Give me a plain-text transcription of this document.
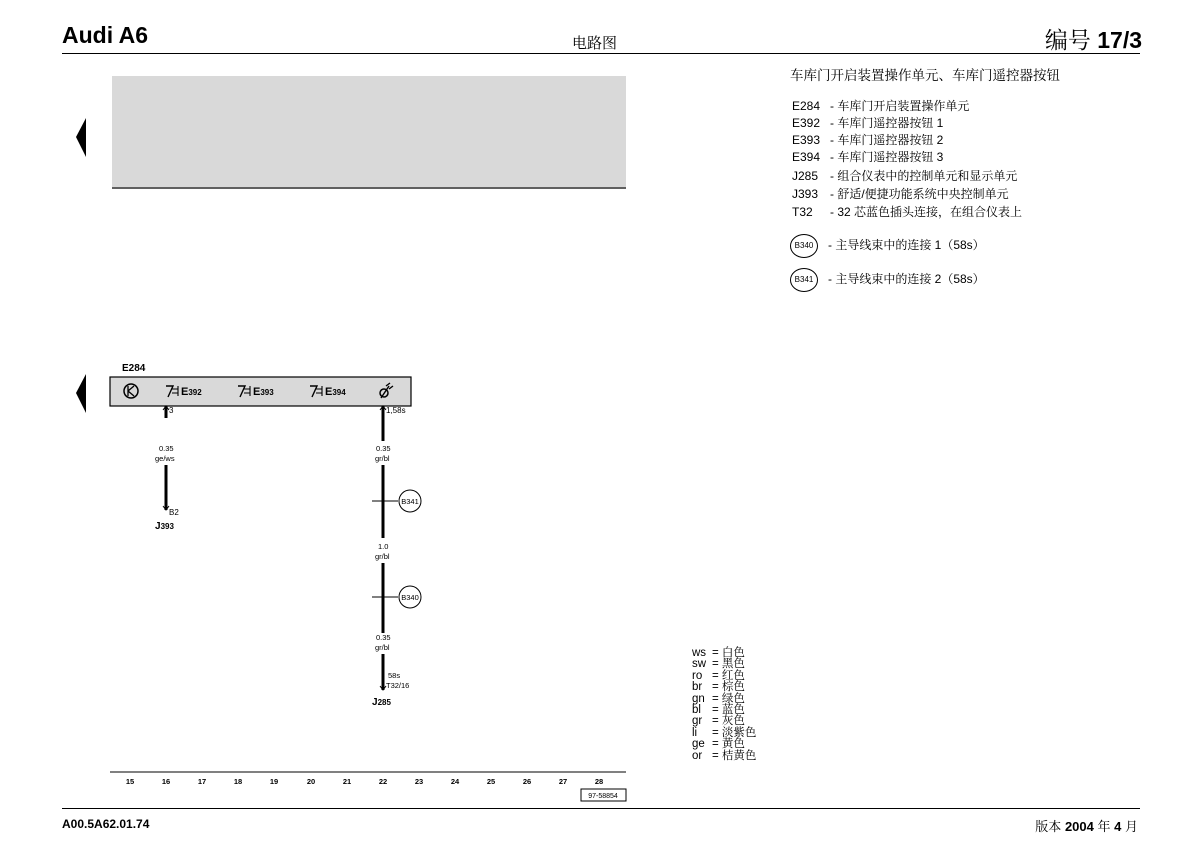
Audi A6	电路图	编号 17/3
车库门开启装置操作单元、车库门遥控器按钮
E284 - 车库门开启装置操作单元
E392 - 车库门遥控器按钮 1
E393 - 车库门遥控器按钮 2
E394 - 车库门遥控器按钮 3
J285 - 组合仪表中的控制单元和显示单元
J393 - 舒适/便捷功能系统中央控制单元
T32 - 32 芯蓝色插头连接，在组合仪表上
B340 - 主导线束中的连接 1（58s）
B341 - 主导线束中的连接 2（58s）
ws = 白色
sw = 黑色
ro = 红色
br = 棕色
gn = 绿色
bl = 蓝色
gr = 灰色
li = 淡紫色
ge = 黄色
or = 桔黄色
E284
E392	E393	E394
3
0.35
ge/ws
B2
J393
1,58s
0.35
gr/bl
B341
1.0
gr/bl
B340
0.35
gr/bl
58s
T32/16
J285
15	16	17	18	19	20	21	22	23	24	25	26	27	28
97-58854
A00.5A62.01.74	版本 2004 年 4 月
